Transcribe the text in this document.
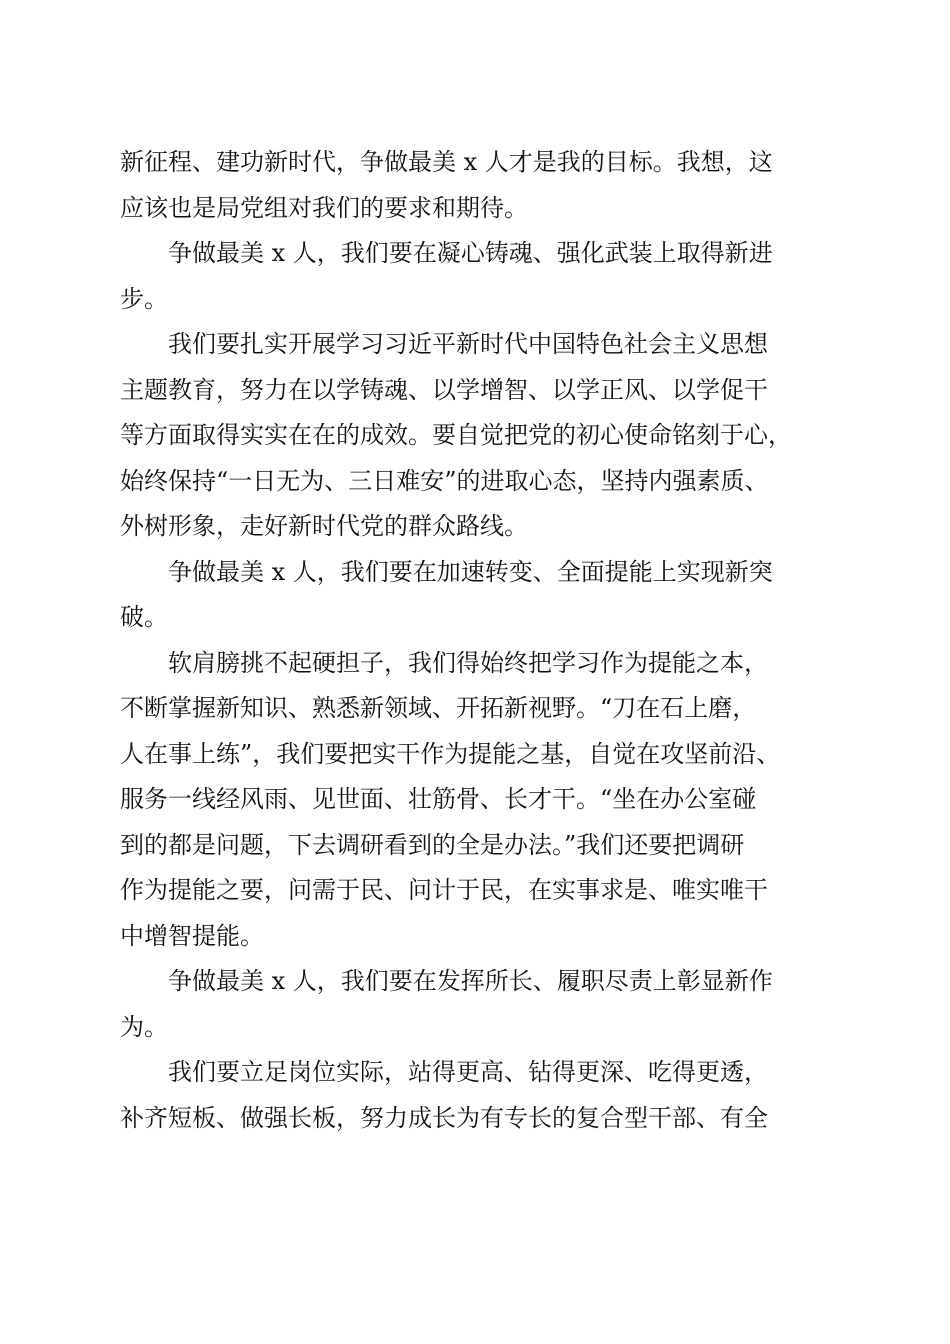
新征程、建功新时代，争做最美 x 人才是我的目标。我想，这
应该也是局党组对我们的要求和期待。
争做最美 x 人，我们要在凝心铸魂、强化武装上取得新进
步。
我们要扎实开展学习习近平新时代中国特色社会主义思想
主题教育，努力在以学铸魂、以学增智、以学正风、以学促干
等方面取得实实在在的成效。要自觉把党的初心使命铭刻于心，
始终保持“一日无为、三日难安”的进取心态，坚持内强素质、
外树形象，走好新时代党的群众路线。
争做最美 x 人，我们要在加速转变、全面提能上实现新突
破。
软肩膀挑不起硬担子，我们得始终把学习作为提能之本，
不断掌握新知识、熟悉新领域、开拓新视野。“刀在石上磨，
人在事上练”，我们要把实干作为提能之基，自觉在攻坚前沿、
服务一线经风雨、见世面、壮筋骨、长才干。“坐在办公室碰
到的都是问题，下去调研看到的全是办法。”我们还要把调研
作为提能之要，问需于民、问计于民，在实事求是、唯实唯干
中增智提能。
争做最美 x 人，我们要在发挥所长、履职尽责上彰显新作
为。
我们要立足岗位实际，站得更高、钻得更深、吃得更透，
补齐短板、做强长板，努力成长为有专长的复合型干部、有全
